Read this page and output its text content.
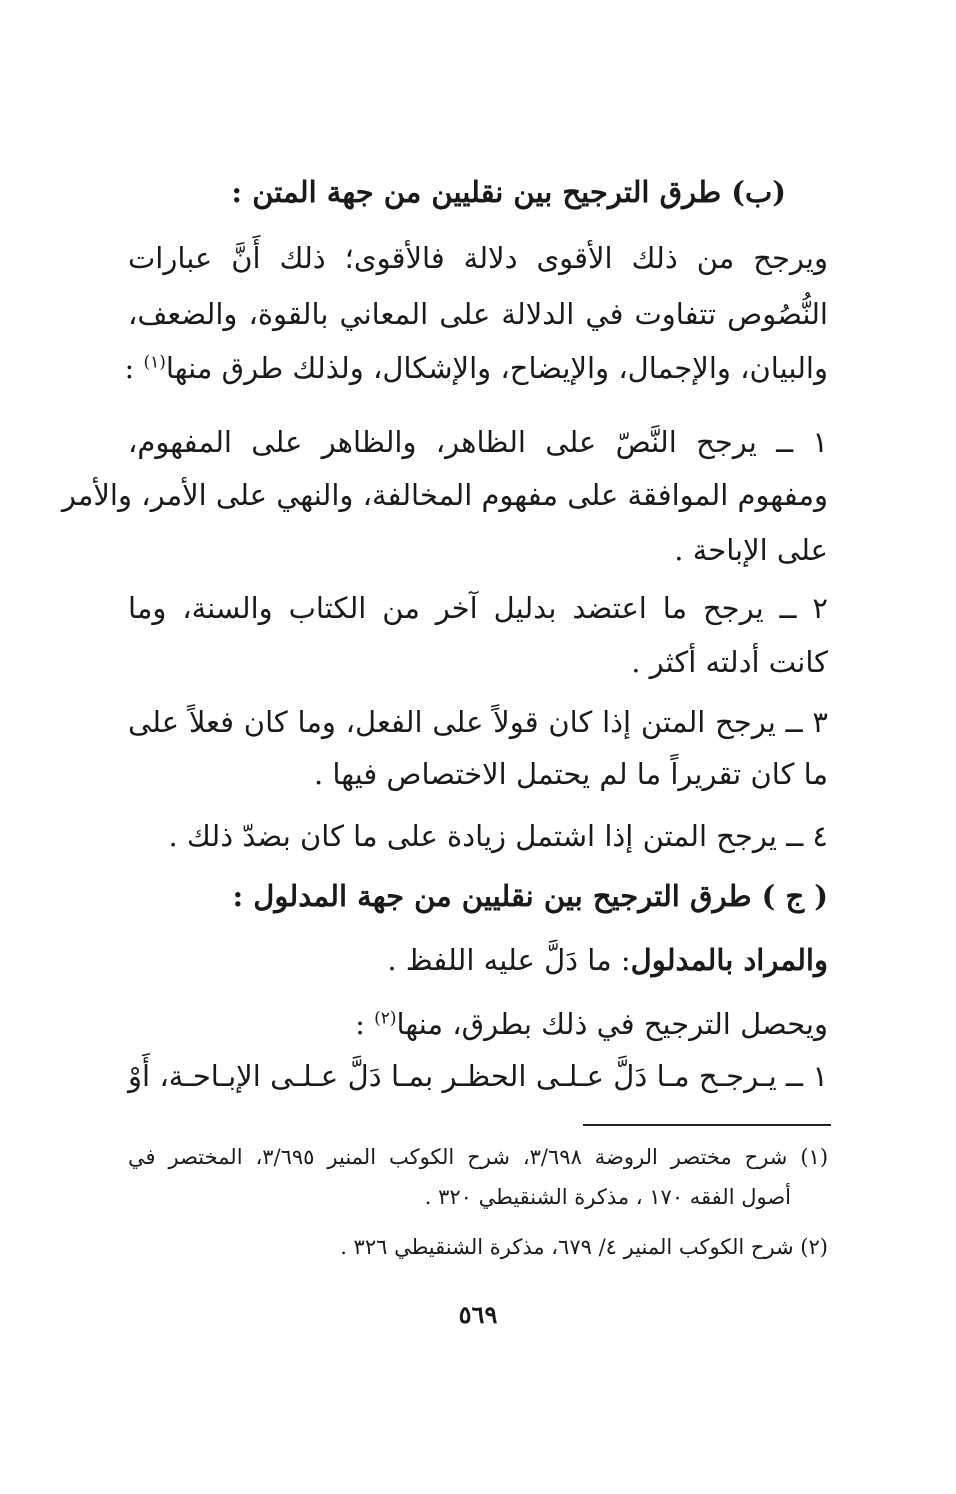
(ب) طرق الترجيح بين نقليين من جهة المتن :
ويرجح من ذلك الأقوى دلالة فالأقوى؛ ذلك أَنَّ عبارات
النُّصُوص تتفاوت في الدلالة على المعاني بالقوة، والضعف،
والبيان، والإجمال، والإيضاح، والإشكال، ولذلك طرق منها$^{(١)}$ :
١ ــ يرجح النَّصّ على الظاهر، والظاهر على المفهوم،
ومفهوم الموافقة على مفهوم المخالفة، والنهي على الأمر، والأمر
على الإباحة .
٢ ــ يرجح ما اعتضد بدليل آخر من الكتاب والسنة، وما
كانت أدلته أكثر .
٣ ــ يرجح المتن إذا كان قولاً على الفعل، وما كان فعلاً على
ما كان تقريراً ما لم يحتمل الاختصاص فيها .
٤ ــ يرجح المتن إذا اشتمل زيادة على ما كان بضدّ ذلك .
( ج ) طرق الترجيح بين نقليين من جهة المدلول :
والمراد بالمدلول: ما دَلَّ عليه اللفظ .
ويحصل الترجيح في ذلك بطرق، منها$^{(٢)}$ :
١ ــ يـرجـح مـا دَلَّ عـلـى الحظـر بمـا دَلَّ عـلـى الإبـاحـة، أَوْ
(١) شرح مختصر الروضة ٣/٦٩٨، شرح الكوكب المنير ٣/٦٩٥، المختصر في
أصول الفقه ١٧٠ ، مذكرة الشنقيطي ٣٢٠ .
(٢) شرح الكوكب المنير ٤/ ٦٧٩، مذكرة الشنقيطي ٣٢٦ .
٥٦٩
